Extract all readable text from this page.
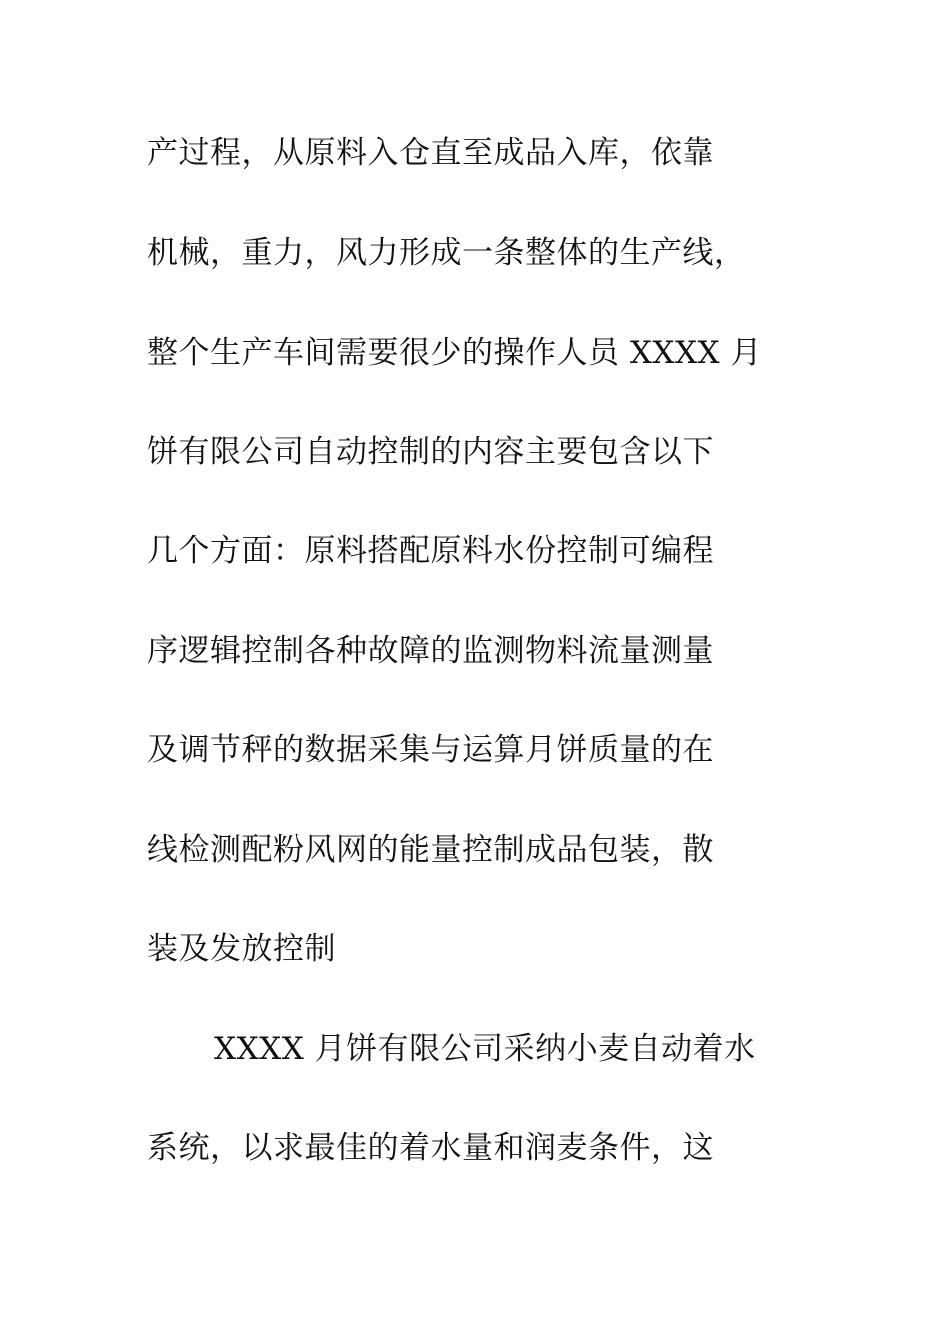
产过程，从原料入仓直至成品入库，依靠
机械，重力，风力形成一条整体的生产线，
整个生产车间需要很少的操作人员 XXXX 月
饼有限公司自动控制的内容主要包含以下
几个方面：原料搭配原料水份控制可编程
序逻辑控制各种故障的监测物料流量测量
及调节秤的数据采集与运算月饼质量的在
线检测配粉风网的能量控制成品包装，散
装及发放控制
XXXX 月饼有限公司采纳小麦自动着水
系统，以求最佳的着水量和润麦条件，这
